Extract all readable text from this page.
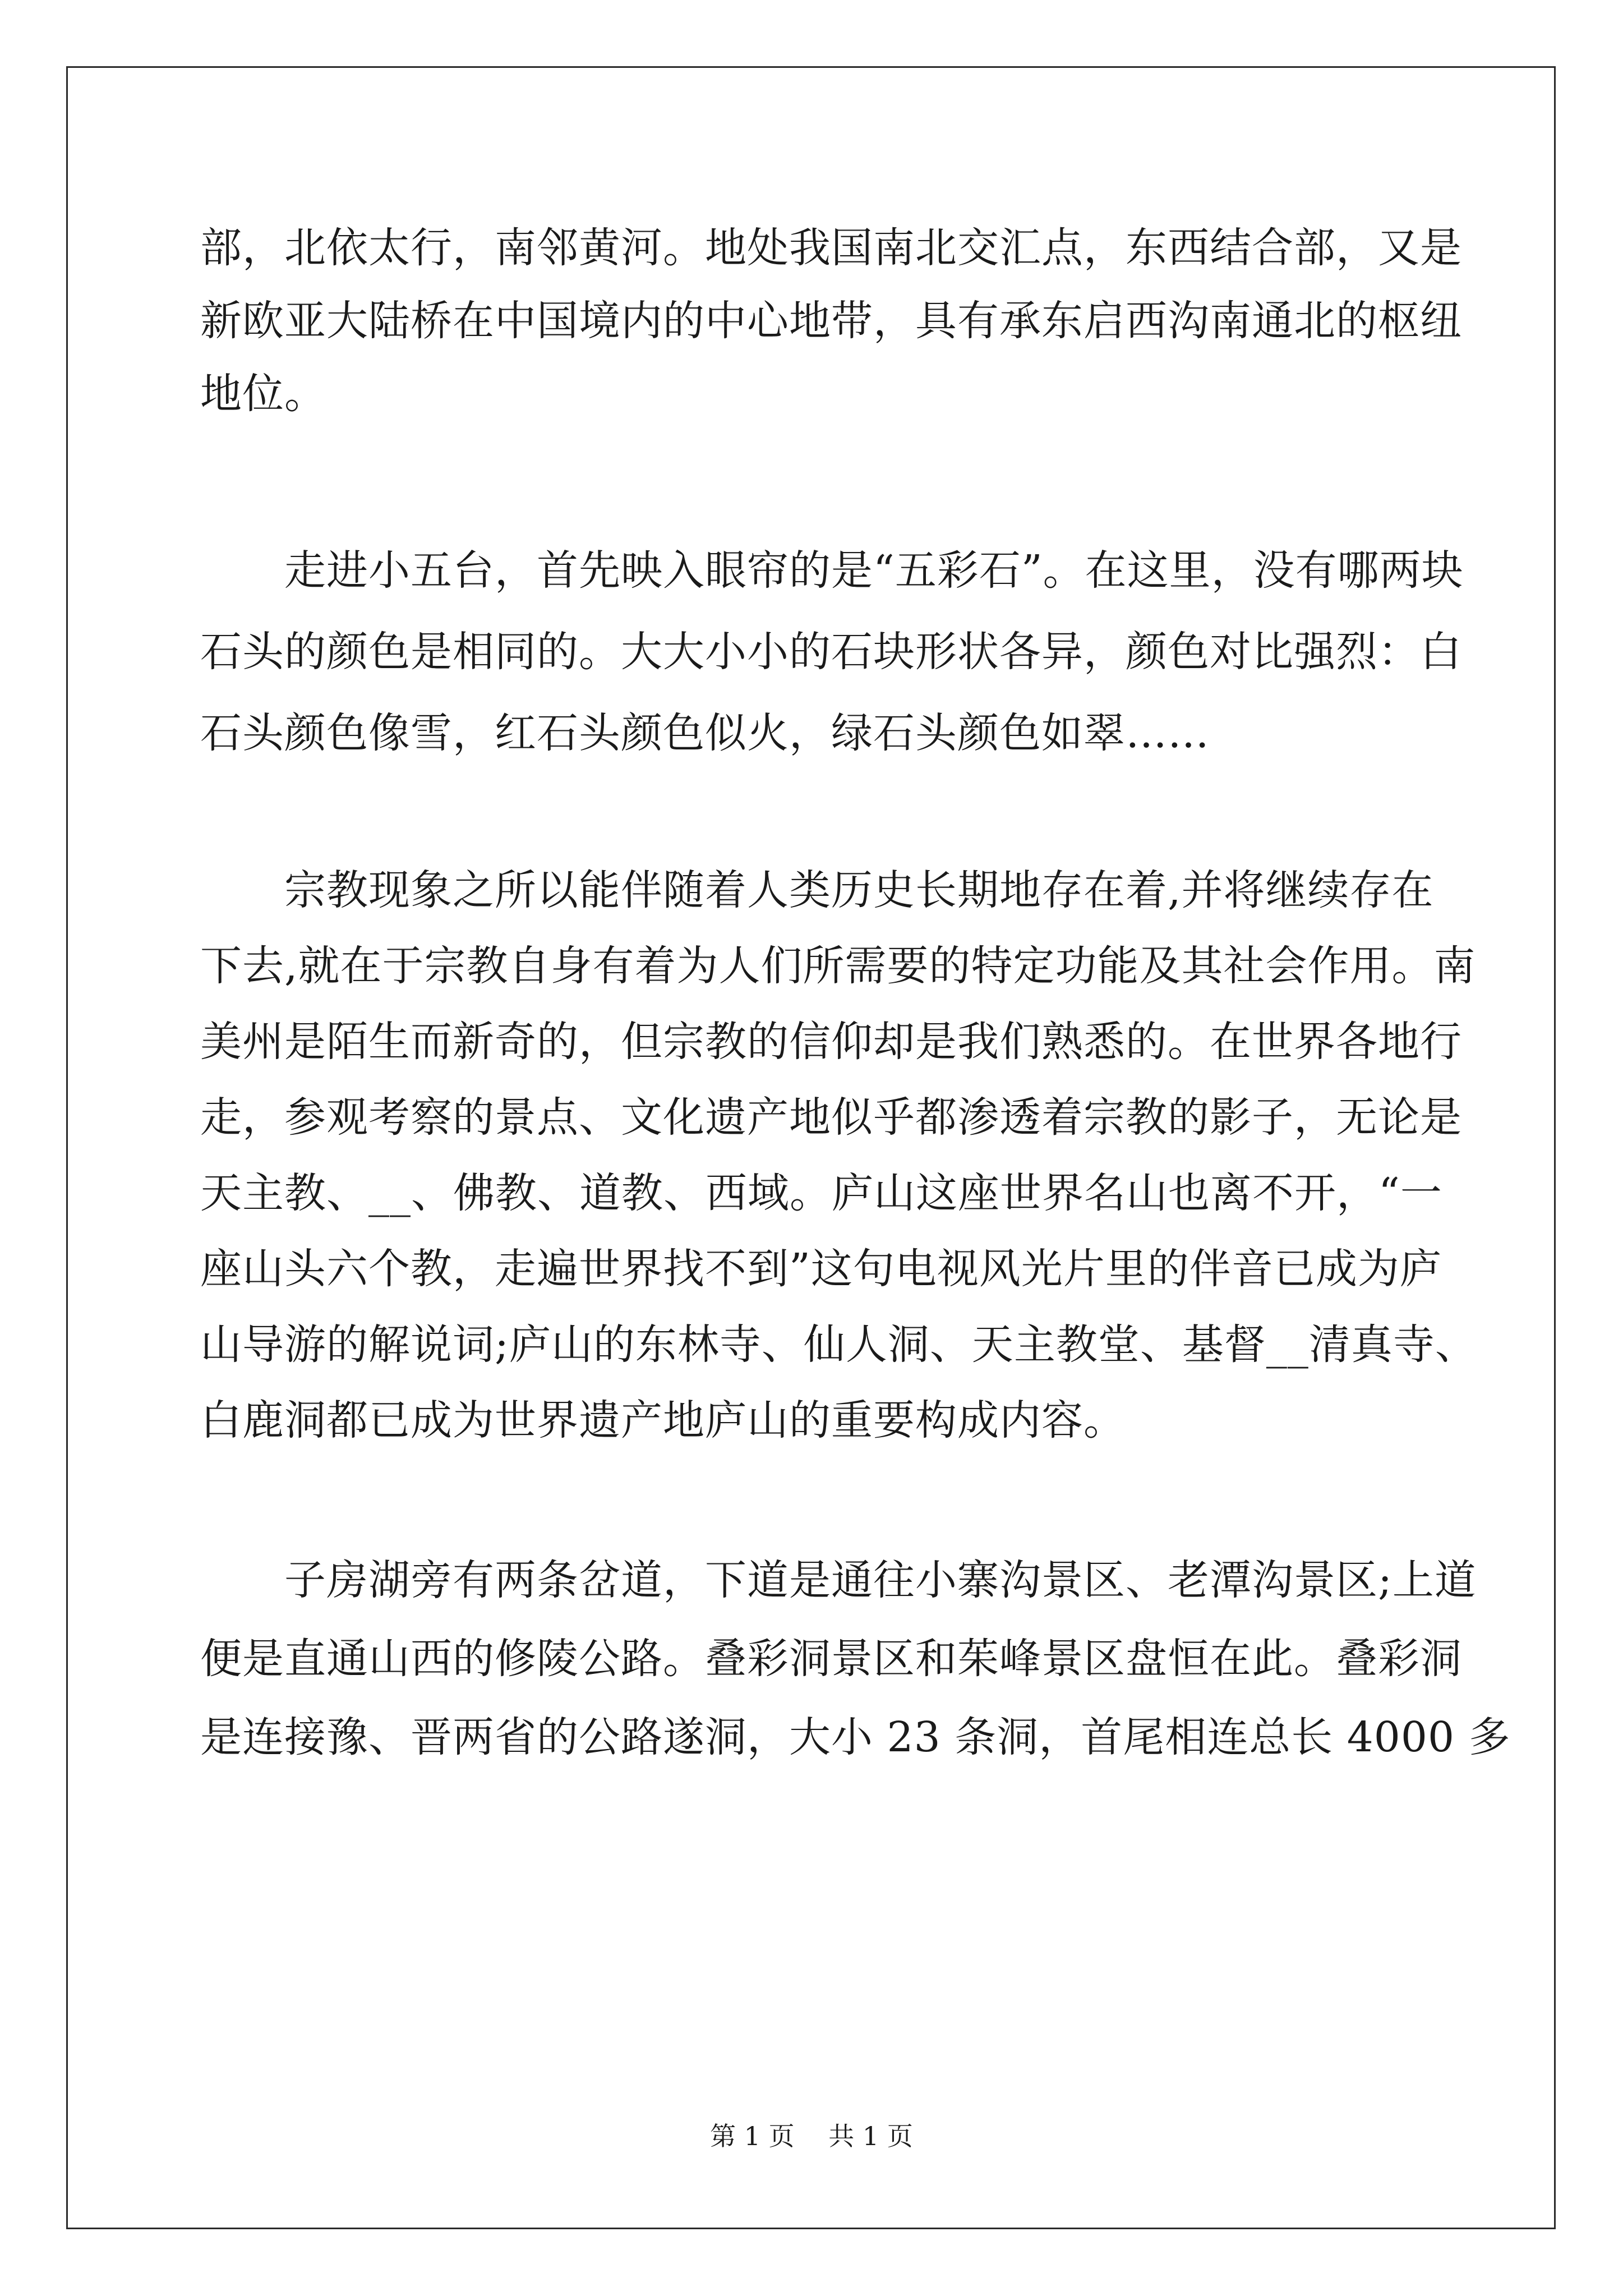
部，北依太行，南邻黄河。地处我国南北交汇点，东西结合部，又是
新欧亚大陆桥在中国境内的中心地带，具有承东启西沟南通北的枢纽
地位。
　　走进小五台，首先映入眼帘的是“五彩石”。在这里，没有哪两块
石头的颜色是相同的。大大小小的石块形状各异，颜色对比强烈：白
石头颜色像雪，红石头颜色似火，绿石头颜色如翠……
　　宗教现象之所以能伴随着人类历史长期地存在着,并将继续存在
下去,就在于宗教自身有着为人们所需要的特定功能及其社会作用。南
美州是陌生而新奇的，但宗教的信仰却是我们熟悉的。在世界各地行
走，参观考察的景点、文化遗产地似乎都渗透着宗教的影子，无论是
天主教、__、佛教、道教、西域。庐山这座世界名山也离不开，“一
座山头六个教，走遍世界找不到”这句电视风光片里的伴音已成为庐
山导游的解说词;庐山的东林寺、仙人洞、天主教堂、基督__清真寺、
白鹿洞都已成为世界遗产地庐山的重要构成内容。
　　子房湖旁有两条岔道，下道是通往小寨沟景区、老潭沟景区;上道
便是直通山西的修陵公路。叠彩洞景区和茱峰景区盘恒在此。叠彩洞
是连接豫、晋两省的公路遂洞，大小 23 条洞，首尾相连总长 4000 多
第 1 页　 共 1 页
